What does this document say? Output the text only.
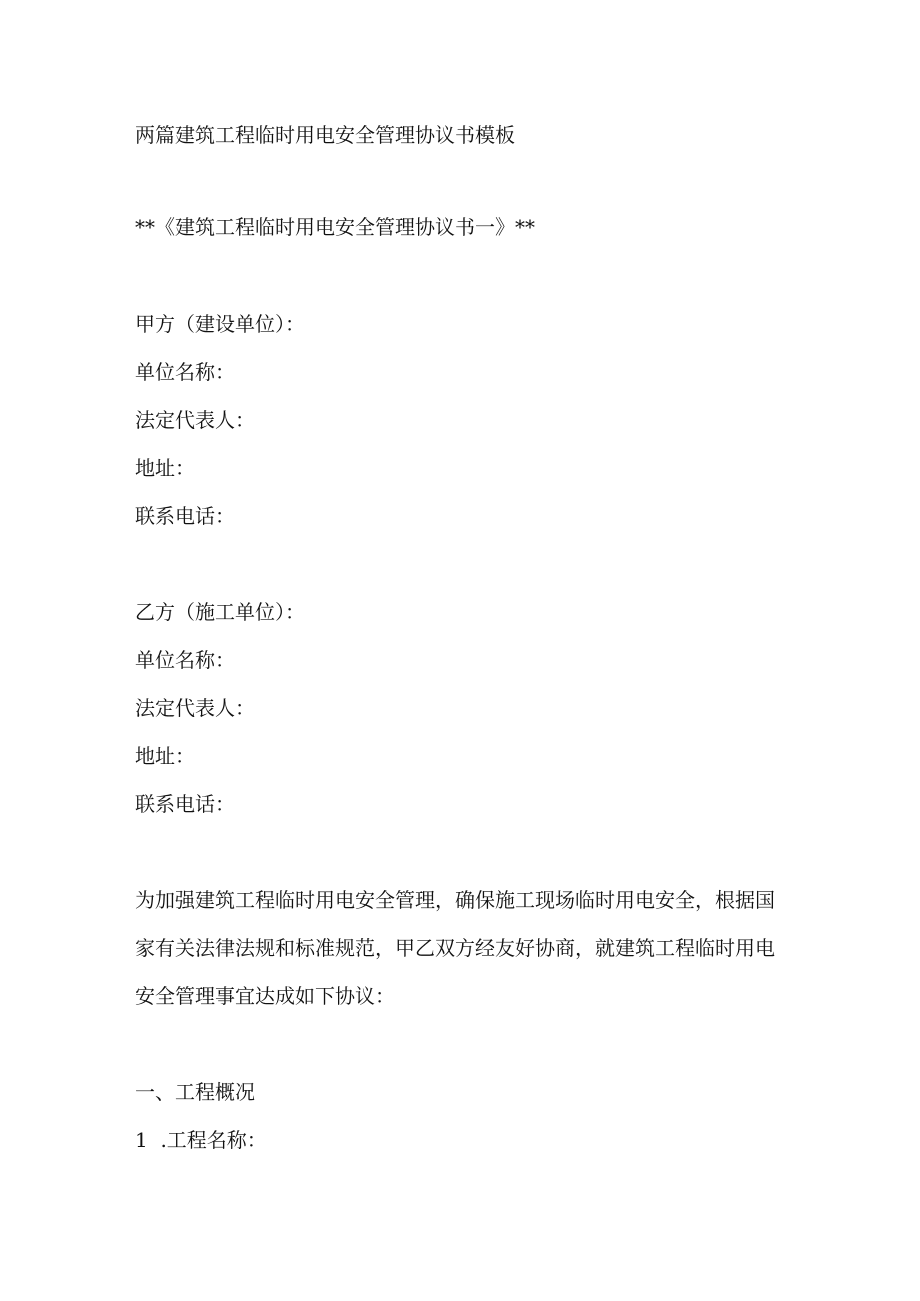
两篇建筑工程临时用电安全管理协议书模板

**《建筑工程临时用电安全管理协议书一》**

甲方（建设单位）：

单位名称：

法定代表人：

地址：

联系电话：

乙方（施工单位）：

单位名称：

法定代表人：

地址：

联系电话：

为加强建筑工程临时用电安全管理，确保施工现场临时用电安全，根据国

家有关法律法规和标准规范，甲乙双方经友好协商，就建筑工程临时用电

安全管理事宜达成如下协议：

一、工程概况

1  .工程名称：
